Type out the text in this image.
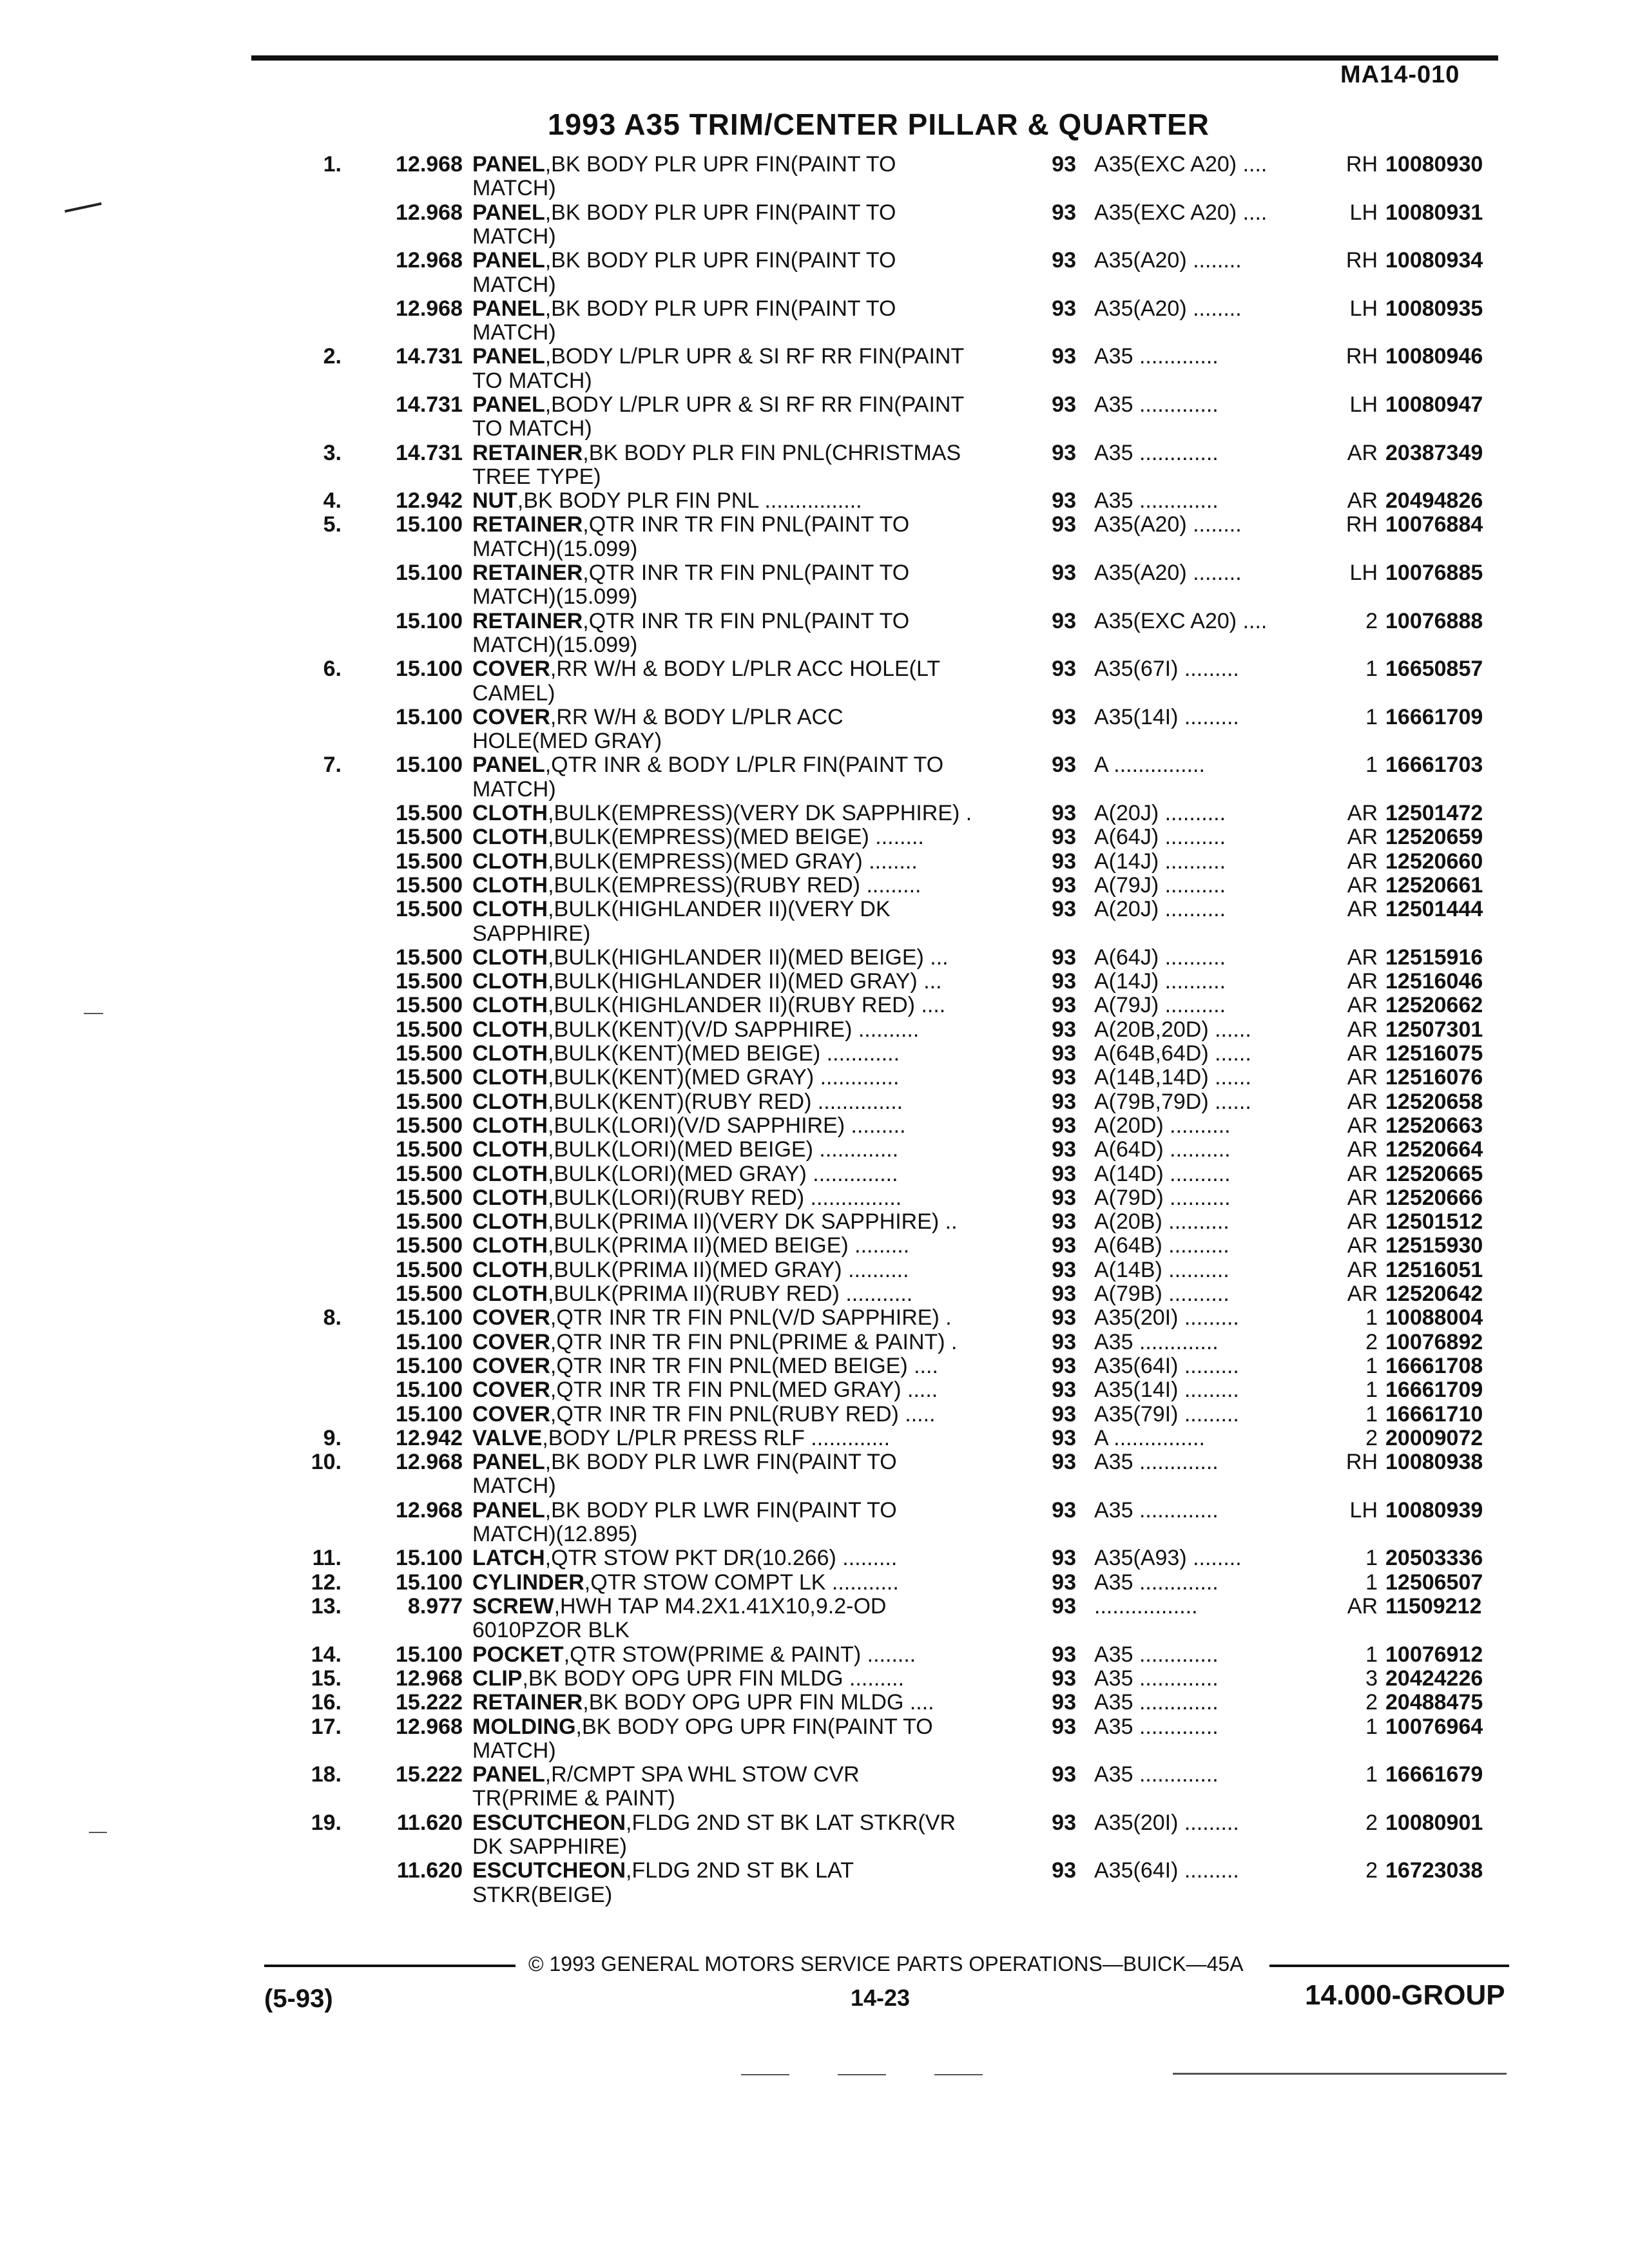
MA14-010
1993 A35 TRIM/CENTER PILLAR & QUARTER
1.	12.968 PANEL,BK BODY PLR UPR FIN(PAINT TO	93 A35(EXC A20) ....	RH 10080930
MATCH)
12.968 PANEL,BK BODY PLR UPR FIN(PAINT TO	93 A35(EXC A20) ....	LH 10080931
MATCH)
12.968 PANEL,BK BODY PLR UPR FIN(PAINT TO	93 A35(A20) ........	RH 10080934
MATCH)
12.968 PANEL,BK BODY PLR UPR FIN(PAINT TO	93 A35(A20) ........	LH 10080935
MATCH)
2.	14.731 PANEL,BODY L/PLR UPR & SI RF RR FIN(PAINT	93 A35 .............	RH 10080946
TO MATCH)
14.731 PANEL,BODY L/PLR UPR & SI RF RR FIN(PAINT	93 A35 .............	LH 10080947
TO MATCH)
3.	14.731 RETAINER,BK BODY PLR FIN PNL(CHRISTMAS	93 A35 .............	AR 20387349
TREE TYPE)
4.	12.942 NUT,BK BODY PLR FIN PNL ................	93 A35 .............	AR 20494826
5.	15.100 RETAINER,QTR INR TR FIN PNL(PAINT TO	93 A35(A20) ........	RH 10076884
MATCH)(15.099)
15.100 RETAINER,QTR INR TR FIN PNL(PAINT TO	93 A35(A20) ........	LH 10076885
MATCH)(15.099)
15.100 RETAINER,QTR INR TR FIN PNL(PAINT TO	93 A35(EXC A20) ....	2 10076888
MATCH)(15.099)
6.	15.100 COVER,RR W/H & BODY L/PLR ACC HOLE(LT	93 A35(67I) .........	1 16650857
CAMEL)
15.100 COVER,RR W/H & BODY L/PLR ACC	93 A35(14I) .........	1 16661709
HOLE(MED GRAY)
7.	15.100 PANEL,QTR INR & BODY L/PLR FIN(PAINT TO	93 A ...............	1 16661703
MATCH)
15.500 CLOTH,BULK(EMPRESS)(VERY DK SAPPHIRE) .	93 A(20J) ..........	AR 12501472
15.500 CLOTH,BULK(EMPRESS)(MED BEIGE) ........	93 A(64J) ..........	AR 12520659
15.500 CLOTH,BULK(EMPRESS)(MED GRAY) ........	93 A(14J) ..........	AR 12520660
15.500 CLOTH,BULK(EMPRESS)(RUBY RED) .........	93 A(79J) ..........	AR 12520661
15.500 CLOTH,BULK(HIGHLANDER II)(VERY DK	93 A(20J) ..........	AR 12501444
SAPPHIRE)
15.500 CLOTH,BULK(HIGHLANDER II)(MED BEIGE) ...	93 A(64J) ..........	AR 12515916
15.500 CLOTH,BULK(HIGHLANDER II)(MED GRAY) ...	93 A(14J) ..........	AR 12516046
15.500 CLOTH,BULK(HIGHLANDER II)(RUBY RED) ....	93 A(79J) ..........	AR 12520662
15.500 CLOTH,BULK(KENT)(V/D SAPPHIRE) ..........	93 A(20B,20D) ......	AR 12507301
15.500 CLOTH,BULK(KENT)(MED BEIGE) ............	93 A(64B,64D) ......	AR 12516075
15.500 CLOTH,BULK(KENT)(MED GRAY) .............	93 A(14B,14D) ......	AR 12516076
15.500 CLOTH,BULK(KENT)(RUBY RED) ..............	93 A(79B,79D) ......	AR 12520658
15.500 CLOTH,BULK(LORI)(V/D SAPPHIRE) .........	93 A(20D) ..........	AR 12520663
15.500 CLOTH,BULK(LORI)(MED BEIGE) .............	93 A(64D) ..........	AR 12520664
15.500 CLOTH,BULK(LORI)(MED GRAY) ..............	93 A(14D) ..........	AR 12520665
15.500 CLOTH,BULK(LORI)(RUBY RED) ...............	93 A(79D) ..........	AR 12520666
15.500 CLOTH,BULK(PRIMA II)(VERY DK SAPPHIRE) ..	93 A(20B) ..........	AR 12501512
15.500 CLOTH,BULK(PRIMA II)(MED BEIGE) .........	93 A(64B) ..........	AR 12515930
15.500 CLOTH,BULK(PRIMA II)(MED GRAY) ..........	93 A(14B) ..........	AR 12516051
15.500 CLOTH,BULK(PRIMA II)(RUBY RED) ...........	93 A(79B) ..........	AR 12520642
8.	15.100 COVER,QTR INR TR FIN PNL(V/D SAPPHIRE) .	93 A35(20I) .........	1 10088004
15.100 COVER,QTR INR TR FIN PNL(PRIME & PAINT) .	93 A35 .............	2 10076892
15.100 COVER,QTR INR TR FIN PNL(MED BEIGE) ....	93 A35(64I) .........	1 16661708
15.100 COVER,QTR INR TR FIN PNL(MED GRAY) .....	93 A35(14I) .........	1 16661709
15.100 COVER,QTR INR TR FIN PNL(RUBY RED) .....	93 A35(79I) .........	1 16661710
9.	12.942 VALVE,BODY L/PLR PRESS RLF .............	93 A ...............	2 20009072
10.	12.968 PANEL,BK BODY PLR LWR FIN(PAINT TO	93 A35 .............	RH 10080938
MATCH)
12.968 PANEL,BK BODY PLR LWR FIN(PAINT TO	93 A35 .............	LH 10080939
MATCH)(12.895)
11.	15.100 LATCH,QTR STOW PKT DR(10.266) .........	93 A35(A93) ........	1 20503336
12.	15.100 CYLINDER,QTR STOW COMPT LK ...........	93 A35 .............	1 12506507
13.	8.977 SCREW,HWH TAP M4.2X1.41X10,9.2-OD	93 .................	AR 11509212
6010PZOR BLK
14.	15.100 POCKET,QTR STOW(PRIME & PAINT) ........	93 A35 .............	1 10076912
15.	12.968 CLIP,BK BODY OPG UPR FIN MLDG .........	93 A35 .............	3 20424226
16.	15.222 RETAINER,BK BODY OPG UPR FIN MLDG ....	93 A35 .............	2 20488475
17.	12.968 MOLDING,BK BODY OPG UPR FIN(PAINT TO	93 A35 .............	1 10076964
MATCH)
18.	15.222 PANEL,R/CMPT SPA WHL STOW CVR	93 A35 .............	1 16661679
TR(PRIME & PAINT)
19.	11.620 ESCUTCHEON,FLDG 2ND ST BK LAT STKR(VR	93 A35(20I) .........	2 10080901
DK SAPPHIRE)
11.620 ESCUTCHEON,FLDG 2ND ST BK LAT	93 A35(64I) .........	2 16723038
STKR(BEIGE)
© 1993 GENERAL MOTORS SERVICE PARTS OPERATIONS—BUICK—45A
(5-93)	14-23	14.000-GROUP
